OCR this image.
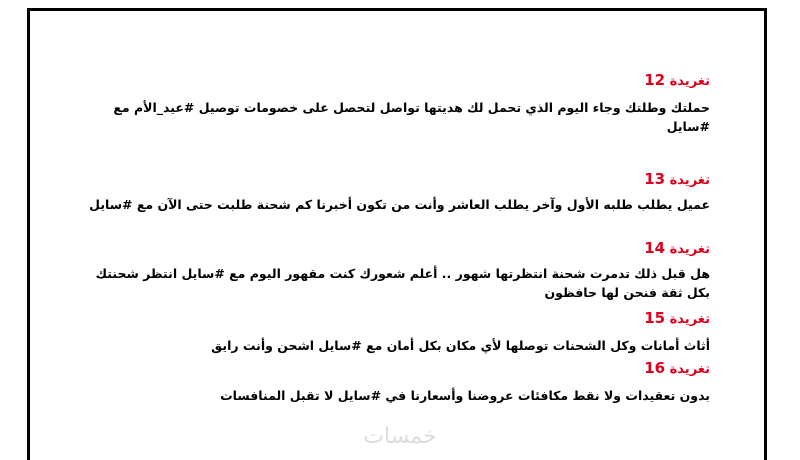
تغريدة 12

حملتك وطلتك وجاء اليوم الذي تحمل لك هديتها تواصل لتحصل على خصومات توصيل #عيد_الأم مع #سايل

تغريدة 13

عميل يطلب طلبه الأول وآخر يطلب العاشر وأنت من تكون أخبرنا كم شحنة طلبت حتى الآن مع #سايل

تغريدة 14

هل قبل ذلك تدمرت شحنة انتظرتها شهور .. أعلم شعورك كنت مقهور اليوم مع #سايل انتظر شحنتك بكل ثقة فنحن لها حافظون

تغريدة 15

أثاث أمانات وكل الشحنات توصلها لأي مكان بكل أمان مع #سايل اشحن وأنت رايق

تغريدة 16

بدون تعقيدات ولا نقط مكافئات عروضنا وأسعارنا في #سايل لا تقبل المنافسات

خمسات
